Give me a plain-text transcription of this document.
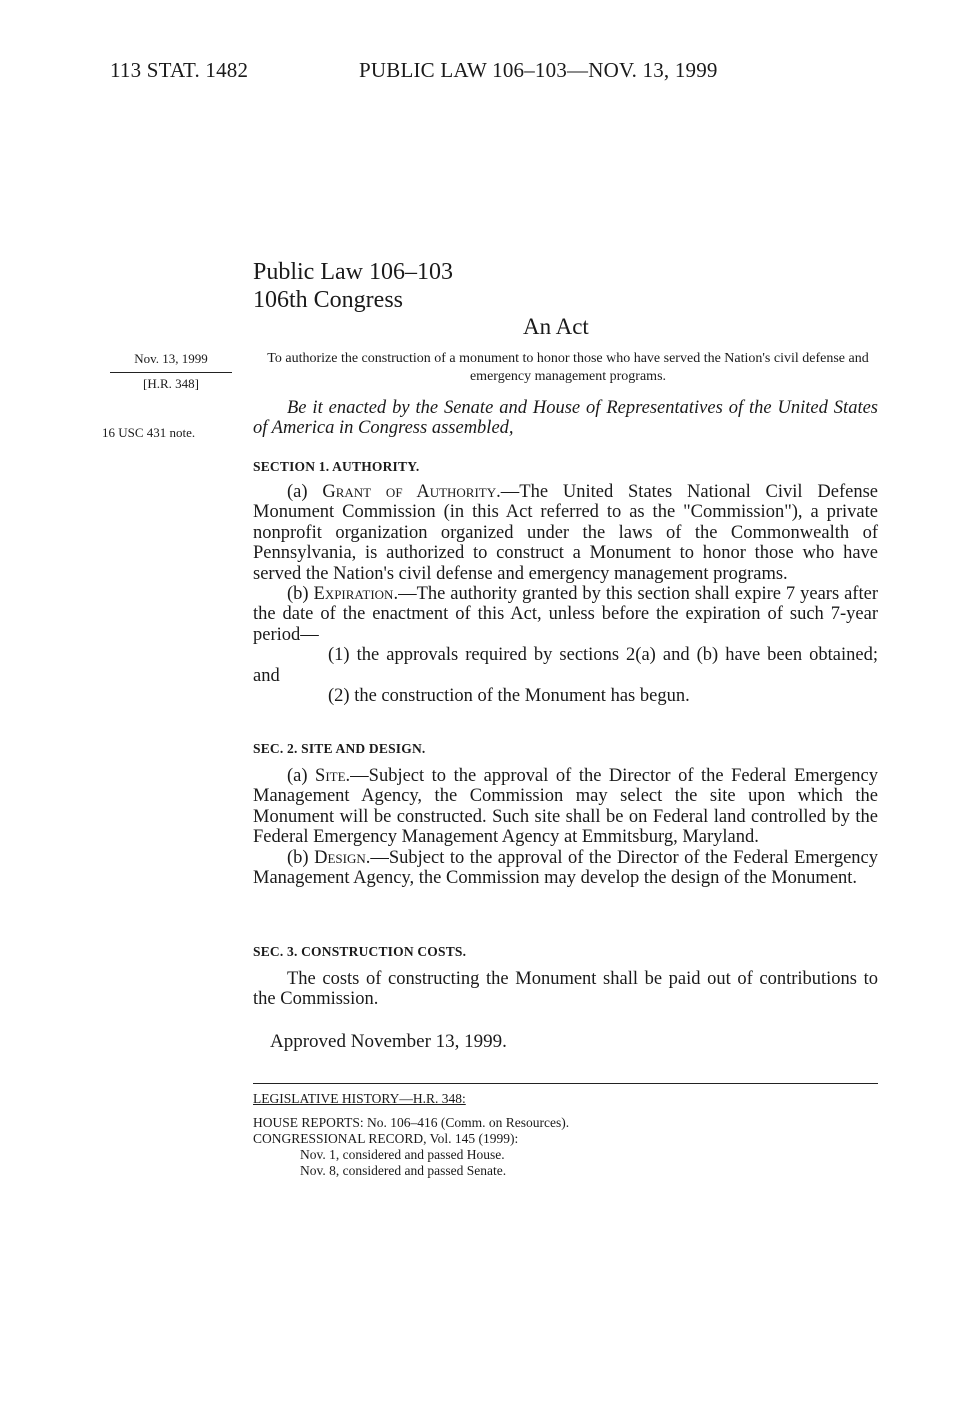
113 STAT. 1482	PUBLIC LAW 106–103—NOV. 13, 1999
Public Law 106–103
106th Congress
An Act
Nov. 13, 1999
[H.R. 348]
16 USC 431 note.
To authorize the construction of a monument to honor those who have served the Nation's civil defense and emergency management programs.

Be it enacted by the Senate and House of Representatives of the United States of America in Congress assembled,

SECTION 1. AUTHORITY.

(a) Grant of Authority.—The United States National Civil Defense Monument Commission (in this Act referred to as the "Commission"), a private nonprofit organization organized under the laws of the Commonwealth of Pennsylvania, is authorized to construct a Monument to honor those who have served the Nation's civil defense and emergency management programs.

(b) Expiration.—The authority granted by this section shall expire 7 years after the date of the enactment of this Act, unless before the expiration of such 7-year period—

(1) the approvals required by sections 2(a) and (b) have been obtained; and

(2) the construction of the Monument has begun.

SEC. 2. SITE AND DESIGN.

(a) Site.—Subject to the approval of the Director of the Federal Emergency Management Agency, the Commission may select the site upon which the Monument will be constructed. Such site shall be on Federal land controlled by the Federal Emergency Management Agency at Emmitsburg, Maryland.

(b) Design.—Subject to the approval of the Director of the Federal Emergency Management Agency, the Commission may develop the design of the Monument.

SEC. 3. CONSTRUCTION COSTS.

The costs of constructing the Monument shall be paid out of contributions to the Commission.

Approved November 13, 1999.
LEGISLATIVE HISTORY—H.R. 348:
HOUSE REPORTS: No. 106–416 (Comm. on Resources).
CONGRESSIONAL RECORD, Vol. 145 (1999):
Nov. 1, considered and passed House.
Nov. 8, considered and passed Senate.
